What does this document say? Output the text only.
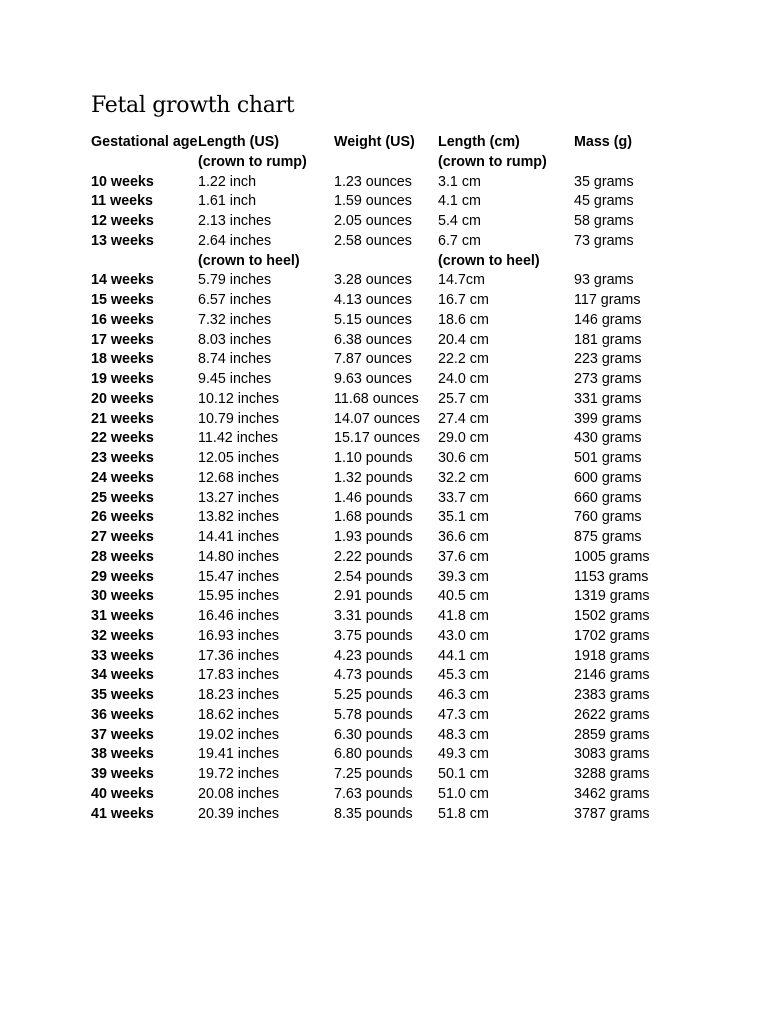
Fetal growth chart
Gestational age	Length (US)	Weight (US)	Length (cm)	Mass (g)
	(crown to rump)		(crown to rump)	
10 weeks	1.22 inch	1.23 ounces	3.1 cm	35 grams
11 weeks	1.61 inch	1.59 ounces	4.1 cm	45 grams
12 weeks	2.13 inches	2.05 ounces	5.4 cm	58 grams
13 weeks	2.64 inches	2.58 ounces	6.7 cm	73 grams
	(crown to heel)		(crown to heel)	
14 weeks	5.79 inches	3.28 ounces	14.7cm	93 grams
15 weeks	6.57 inches	4.13 ounces	16.7 cm	117 grams
16 weeks	7.32 inches	5.15 ounces	18.6 cm	146 grams
17 weeks	8.03 inches	6.38 ounces	20.4 cm	181 grams
18 weeks	8.74 inches	7.87 ounces	22.2 cm	223 grams
19 weeks	9.45 inches	9.63 ounces	24.0 cm	273 grams
20 weeks	10.12 inches	11.68 ounces	25.7 cm	331 grams
21 weeks	10.79 inches	14.07 ounces	27.4 cm	399 grams
22 weeks	11.42 inches	15.17 ounces	29.0 cm	430 grams
23 weeks	12.05 inches	1.10 pounds	30.6 cm	501 grams
24 weeks	12.68 inches	1.32 pounds	32.2 cm	600 grams
25 weeks	13.27 inches	1.46 pounds	33.7 cm	660 grams
26 weeks	13.82 inches	1.68 pounds	35.1 cm	760 grams
27 weeks	14.41 inches	1.93 pounds	36.6 cm	875 grams
28 weeks	14.80 inches	2.22 pounds	37.6 cm	1005 grams
29 weeks	15.47 inches	2.54 pounds	39.3 cm	1153 grams
30 weeks	15.95 inches	2.91 pounds	40.5 cm	1319 grams
31 weeks	16.46 inches	3.31 pounds	41.8 cm	1502 grams
32 weeks	16.93 inches	3.75 pounds	43.0 cm	1702 grams
33 weeks	17.36 inches	4.23 pounds	44.1 cm	1918 grams
34 weeks	17.83 inches	4.73 pounds	45.3 cm	2146 grams
35 weeks	18.23 inches	5.25 pounds	46.3 cm	2383 grams
36 weeks	18.62 inches	5.78 pounds	47.3 cm	2622 grams
37 weeks	19.02 inches	6.30 pounds	48.3 cm	2859 grams
38 weeks	19.41 inches	6.80 pounds	49.3 cm	3083 grams
39 weeks	19.72 inches	7.25 pounds	50.1 cm	3288 grams
40 weeks	20.08 inches	7.63 pounds	51.0 cm	3462 grams
41 weeks	20.39 inches	8.35 pounds	51.8 cm	3787 grams
